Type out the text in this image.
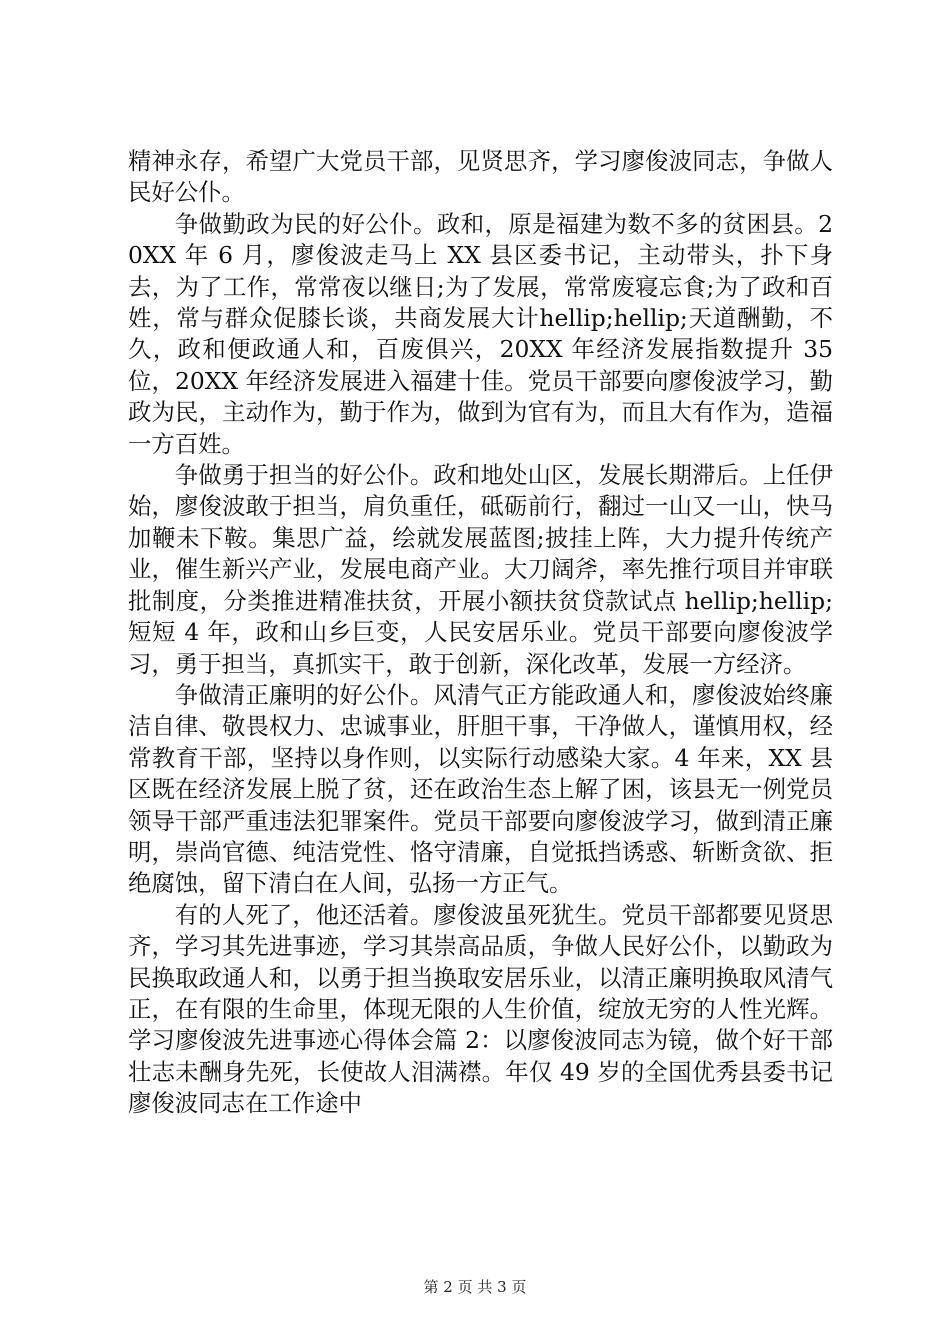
精神永存，希望广大党员干部，见贤思齐，学习廖俊波同志，争做人民好公仆。

争做勤政为民的好公仆。政和，原是福建为数不多的贫困县。20XX 年 6 月，廖俊波走马上 XX 县区委书记，主动带头，扑下身去，为了工作，常常夜以继日;为了发展，常常废寝忘食;为了政和百姓，常与群众促膝长谈，共商发展大计hellip;hellip;天道酬勤，不久，政和便政通人和，百废俱兴，20XX 年经济发展指数提升 35 位，20XX 年经济发展进入福建十佳。党员干部要向廖俊波学习，勤政为民，主动作为，勤于作为，做到为官有为，而且大有作为，造福一方百姓。

争做勇于担当的好公仆。政和地处山区，发展长期滞后。上任伊始，廖俊波敢于担当，肩负重任，砥砺前行，翻过一山又一山，快马加鞭未下鞍。集思广益，绘就发展蓝图;披挂上阵，大力提升传统产业，催生新兴产业，发展电商产业。大刀阔斧，率先推行项目并审联批制度，分类推进精准扶贫，开展小额扶贫贷款试点 hellip;hellip;短短 4 年，政和山乡巨变，人民安居乐业。党员干部要向廖俊波学习，勇于担当，真抓实干，敢于创新，深化改革，发展一方经济。

争做清正廉明的好公仆。风清气正方能政通人和，廖俊波始终廉洁自律、敬畏权力、忠诚事业，肝胆干事，干净做人，谨慎用权，经常教育干部，坚持以身作则，以实际行动感染大家。4 年来，XX 县区既在经济发展上脱了贫，还在政治生态上解了困，该县无一例党员领导干部严重违法犯罪案件。党员干部要向廖俊波学习，做到清正廉明，崇尚官德、纯洁党性、恪守清廉，自觉抵挡诱惑、斩断贪欲、拒绝腐蚀，留下清白在人间，弘扬一方正气。

有的人死了，他还活着。廖俊波虽死犹生。党员干部都要见贤思齐，学习其先进事迹，学习其崇高品质，争做人民好公仆，以勤政为民换取政通人和，以勇于担当换取安居乐业，以清正廉明换取风清气正，在有限的生命里，体现无限的人生价值，绽放无穷的人性光辉。学习廖俊波先进事迹心得体会篇 2：以廖俊波同志为镜，做个好干部壮志未酬身先死，长使故人泪满襟。年仅 49 岁的全国优秀县委书记廖俊波同志在工作途中

第 2 页 共 3 页
